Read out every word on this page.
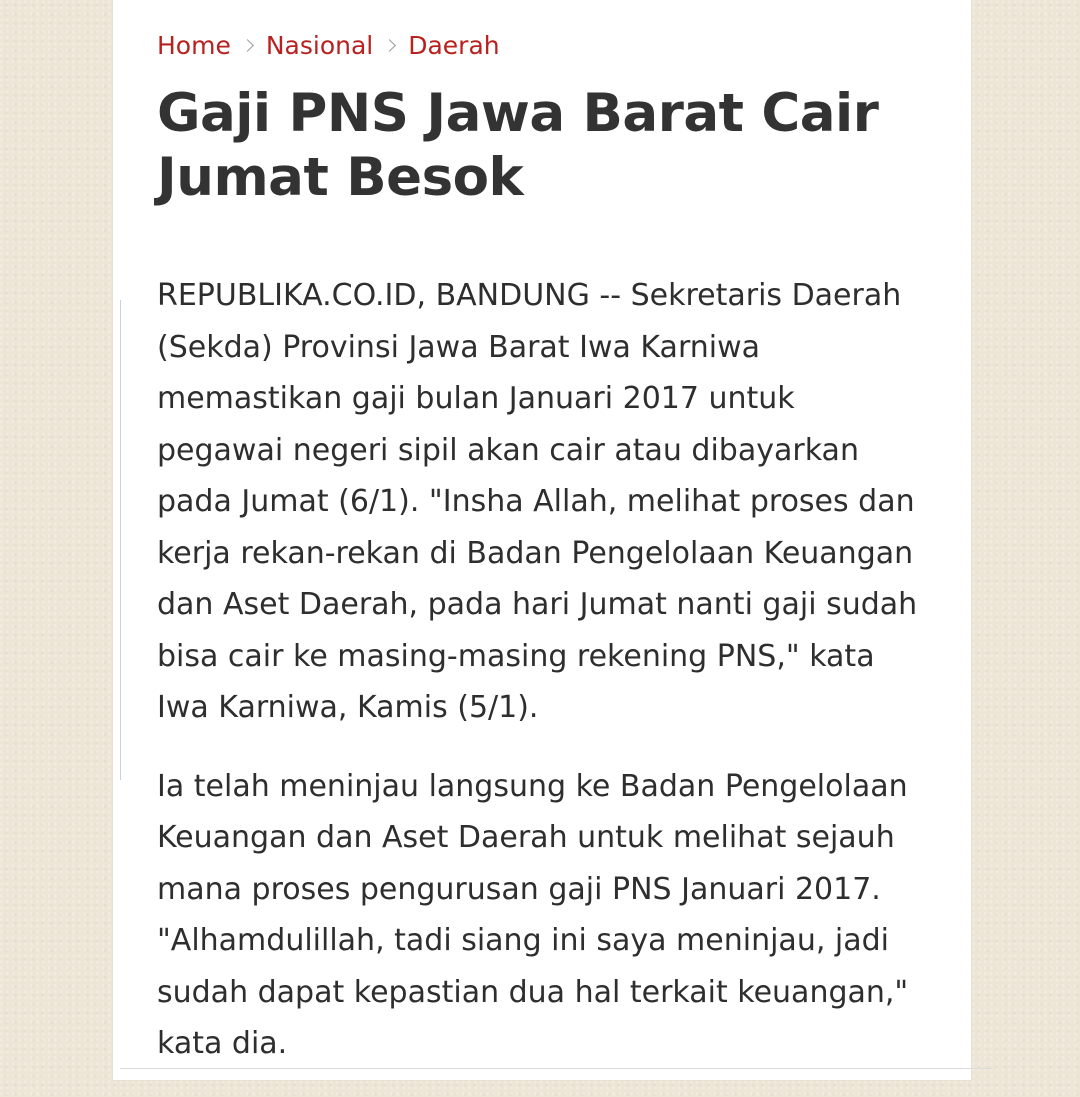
Home Nasional Daerah
Gaji PNS Jawa Barat Cair
Jumat Besok

REPUBLIKA.CO.ID, BANDUNG -- Sekretaris Daerah
(Sekda) Provinsi Jawa Barat Iwa Karniwa
memastikan gaji bulan Januari 2017 untuk
pegawai negeri sipil akan cair atau dibayarkan
pada Jumat (6/1). "Insha Allah, melihat proses dan
kerja rekan-rekan di Badan Pengelolaan Keuangan
dan Aset Daerah, pada hari Jumat nanti gaji sudah
bisa cair ke masing-masing rekening PNS," kata
Iwa Karniwa, Kamis (5/1).

Ia telah meninjau langsung ke Badan Pengelolaan
Keuangan dan Aset Daerah untuk melihat sejauh
mana proses pengurusan gaji PNS Januari 2017.
"Alhamdulillah, tadi siang ini saya meninjau, jadi
sudah dapat kepastian dua hal terkait keuangan,"
kata dia.
